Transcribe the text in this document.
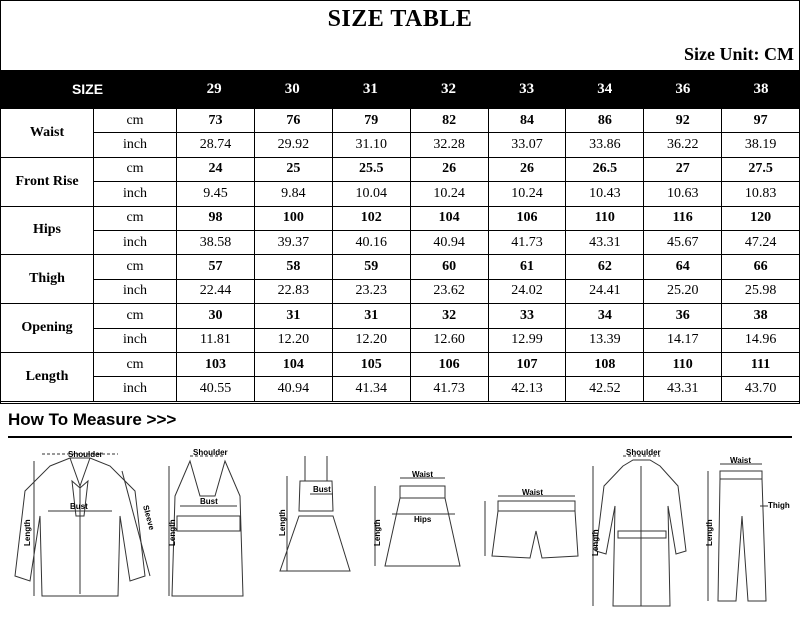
SIZE TABLE
Size Unit: CM
SIZE	29	30	31	32	33	34	36	38
Waist	cm	73	76	79	82	84	86	92	97
	inch	28.74	29.92	31.10	32.28	33.07	33.86	36.22	38.19
Front Rise	cm	24	25	25.5	26	26	26.5	27	27.5
	inch	9.45	9.84	10.04	10.24	10.24	10.43	10.63	10.83
Hips	cm	98	100	102	104	106	110	116	120
	inch	38.58	39.37	40.16	40.94	41.73	43.31	45.67	47.24
Thigh	cm	57	58	59	60	61	62	64	66
	inch	22.44	22.83	23.23	23.62	24.02	24.41	25.20	25.98
Opening	cm	30	31	31	32	33	34	36	38
	inch	11.81	12.20	12.20	12.60	12.99	13.39	14.17	14.96
Length	cm	103	104	105	106	107	108	110	111
	inch	40.55	40.94	41.34	41.73	42.13	42.52	43.31	43.70
How To Measure >>>
Shoulder
Bust
Length
Sleeve
Shoulder
Bust
Length
Bust
Length
Waist
Hips
Length
Waist
Shoulder
Length
Waist
Thigh
Length
